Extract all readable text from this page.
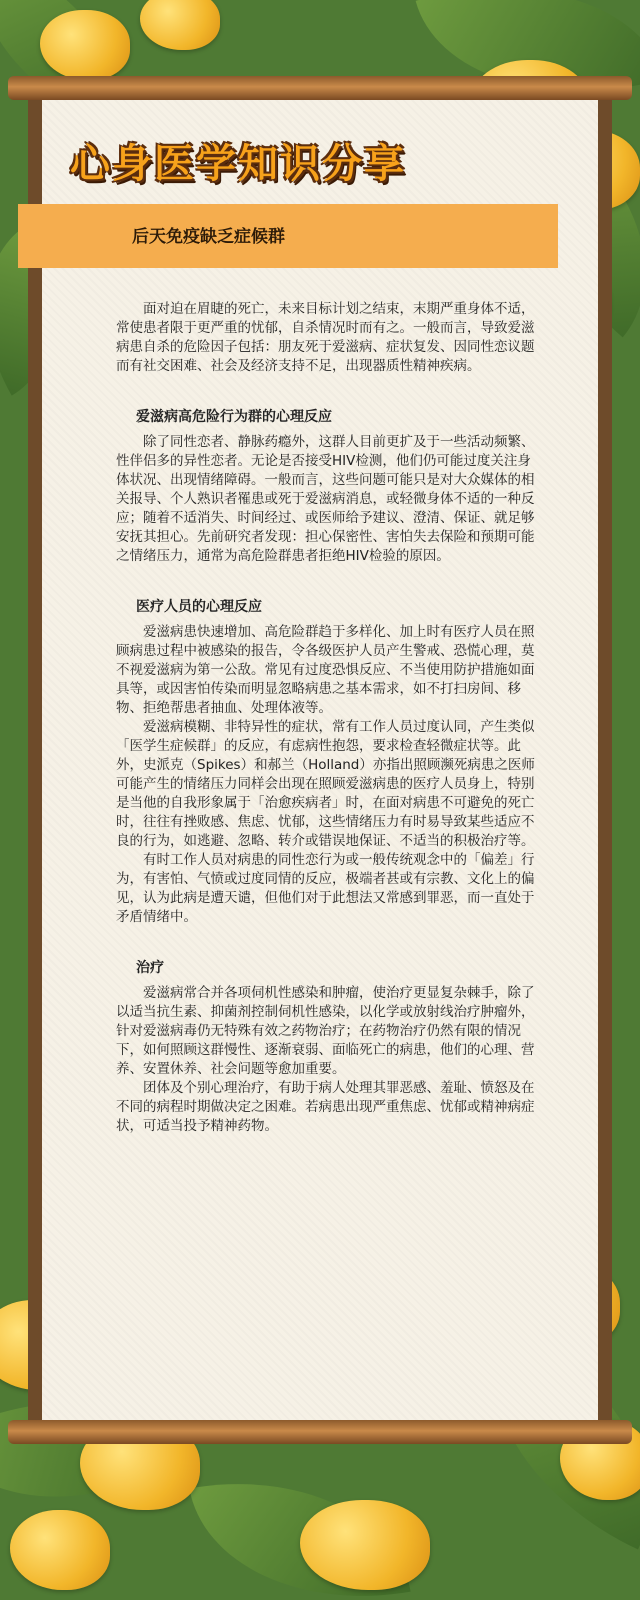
心身医学知识分享
后天免疫缺乏症候群

面对迫在眉睫的死亡，未来目标计划之结束，末期严重身体不适，常使患者限于更严重的忧郁，自杀情况时而有之。一般而言，导致爱滋病患自杀的危险因子包括：朋友死于爱滋病、症状复发、因同性恋议题而有社交困难、社会及经济支持不足，出现器质性精神疾病。

爱滋病高危险行为群的心理反应

除了同性恋者、静脉药瘾外，这群人目前更扩及于一些活动频繁、性伴侣多的异性恋者。无论是否接受HIV检测，他们仍可能过度关注身体状况、出现情绪障碍。一般而言，这些问题可能只是对大众媒体的相关报导、个人熟识者罹患或死于爱滋病消息，或轻微身体不适的一种反应；随着不适消失、时间经过、或医师给予建议、澄清、保证、就足够安抚其担心。先前研究者发现：担心保密性、害怕失去保险和预期可能之情绪压力，通常为高危险群患者拒绝HIV检验的原因。

医疗人员的心理反应

爱滋病患快速增加、高危险群趋于多样化、加上时有医疗人员在照顾病患过程中被感染的报告，令各级医护人员产生警戒、恐慌心理，莫不视爱滋病为第一公敌。常见有过度恐惧反应、不当使用防护措施如面具等，或因害怕传染而明显忽略病患之基本需求，如不打扫房间、移物、拒绝帮患者抽血、处理体液等。

爱滋病模糊、非特异性的症状，常有工作人员过度认同，产生类似「医学生症候群」的反应，有虑病性抱怨，要求检查轻微症状等。此外，史派克（Spikes）和郝兰（Holland）亦指出照顾濒死病患之医师可能产生的情绪压力同样会出现在照顾爱滋病患的医疗人员身上，特别是当他的自我形象属于「治愈疾病者」时，在面对病患不可避免的死亡时，往往有挫败感、焦虑、忧郁，这些情绪压力有时易导致某些适应不良的行为，如逃避、忽略、转介或错误地保证、不适当的积极治疗等。

有时工作人员对病患的同性恋行为或一般传统观念中的「偏差」行为，有害怕、气愤或过度同情的反应，极端者甚或有宗教、文化上的偏见，认为此病是遭天谴，但他们对于此想法又常感到罪恶，而一直处于矛盾情绪中。

治疗

爱滋病常合并各项伺机性感染和肿瘤，使治疗更显复杂棘手，除了以适当抗生素、抑菌剂控制伺机性感染，以化学或放射线治疗肿瘤外，针对爱滋病毒仍无特殊有效之药物治疗；在药物治疗仍然有限的情况下，如何照顾这群慢性、逐渐衰弱、面临死亡的病患，他们的心理、营养、安置休养、社会问题等愈加重要。

团体及个别心理治疗，有助于病人处理其罪恶感、羞耻、愤怒及在不同的病程时期做决定之困难。若病患出现严重焦虑、忧郁或精神病症状，可适当投予精神药物。
